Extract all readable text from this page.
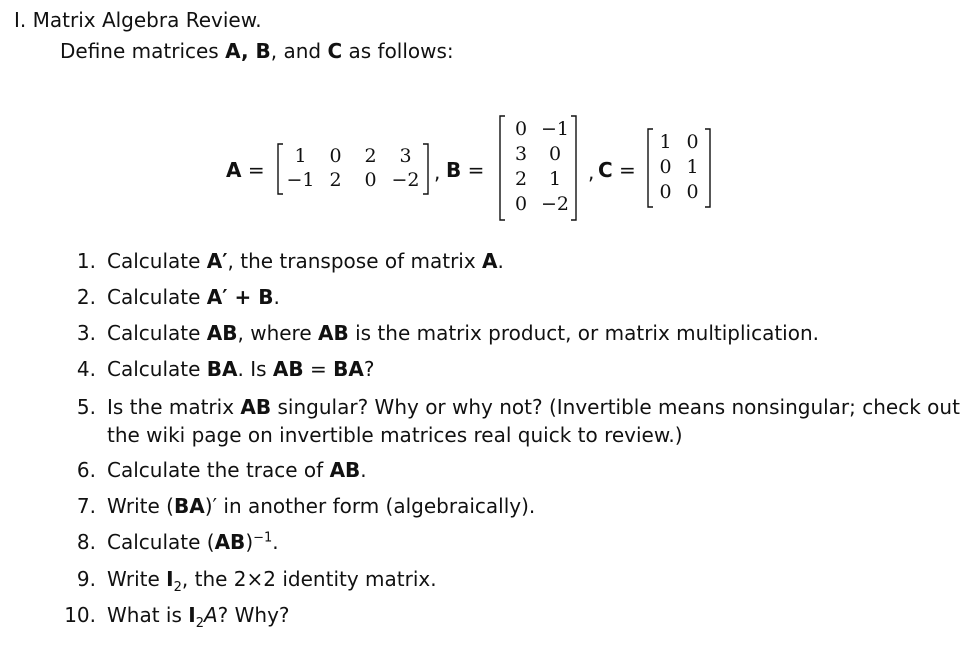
I. Matrix Algebra Review.
Define matrices A, B, and C as follows:
A =
1	0	2	3
−1 2	0 −2 , B =
0 −1
3	0
2	1
0 −2
, C =
1 0
0 1
0 0
1. Calculate A′, the transpose of matrix A.
2. Calculate A′ + B.
3. Calculate AB, where AB is the matrix product, or matrix multiplication.
4. Calculate BA. Is AB = BA?
5. Is the matrix AB singular? Why or why not? (Invertible means nonsingular; check out
the wiki page on invertible matrices real quick to review.)
6. Calculate the trace of AB.
7. Write (BA)′ in another form (algebraically).
8. Calculate (AB)$^{-1}$.
9. Write $I_2$, the 2×2 identity matrix.
10. What is $I_2A$? Why?
